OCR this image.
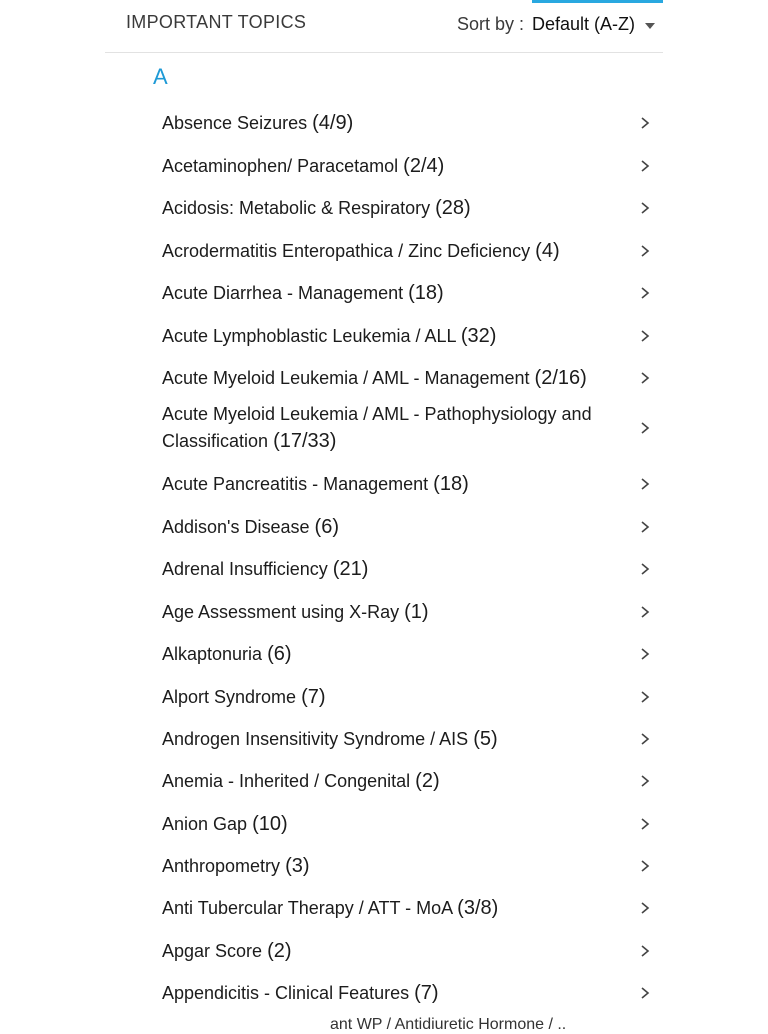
IMPORTANT TOPICS	Sort by : Default (A-Z)
A
Absence Seizures (4/9)
Acetaminophen/ Paracetamol (2/4)
Acidosis: Metabolic & Respiratory (28)
Acrodermatitis Enteropathica / Zinc Deficiency (4)
Acute Diarrhea - Management (18)
Acute Lymphoblastic Leukemia / ALL (32)
Acute Myeloid Leukemia / AML - Management (2/16)
Acute Myeloid Leukemia / AML - Pathophysiology and Classification (17/33)
Acute Pancreatitis - Management (18)
Addison's Disease (6)
Adrenal Insufficiency (21)
Age Assessment using X-Ray (1)
Alkaptonuria (6)
Alport Syndrome (7)
Androgen Insensitivity Syndrome / AIS (5)
Anemia - Inherited / Congenital (2)
Anion Gap (10)
Anthropometry (3)
Anti Tubercular Therapy / ATT - MoA (3/8)
Apgar Score (2)
Appendicitis - Clinical Features (7)
ant WP / Antidiuretic Hormone / ..
